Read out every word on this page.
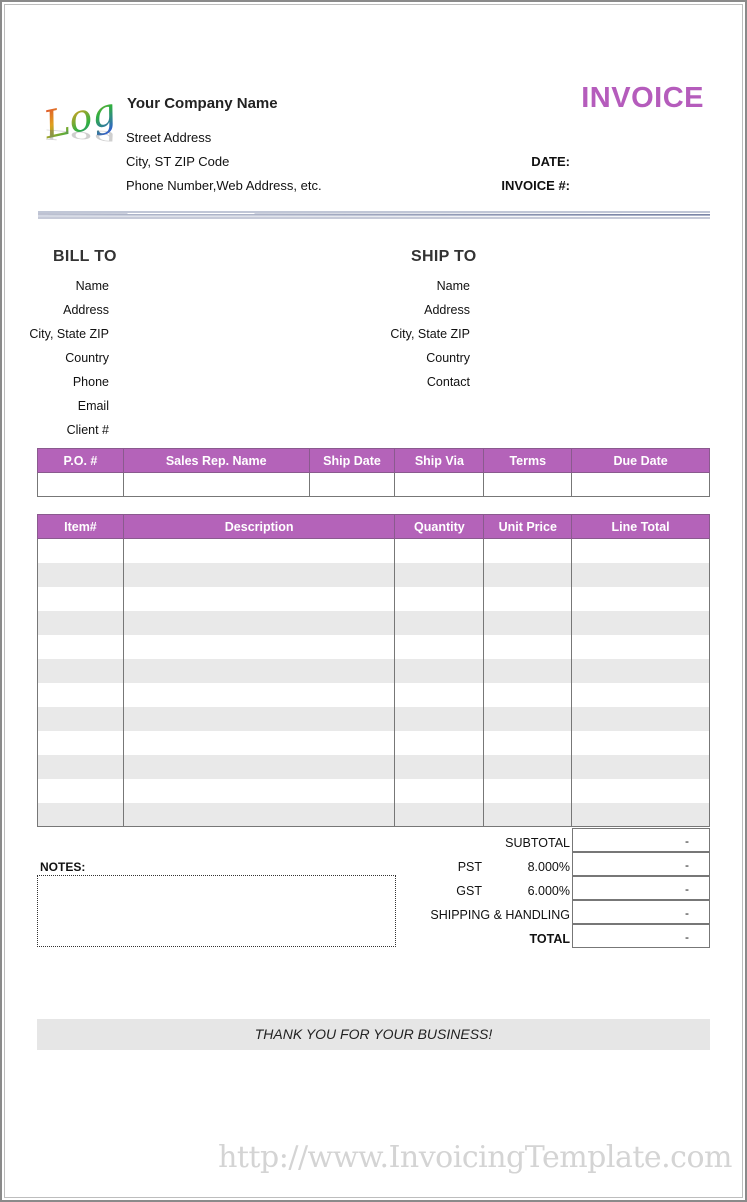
Logo
Logo
Your Company Name
Street Address
City, ST ZIP Code
Phone Number,Web Address, etc.
INVOICE
DATE:
INVOICE #:
BILL TO
Name
Address
City, State ZIP
Country
Phone
Email
Client #
SHIP TO
Name
Address
City, State ZIP
Country
Contact
P.O. #	Sales Rep. Name	Ship Date	Ship Via	Terms	Due Date

Item#	Description	Quantity	Unit Price	Line Total

SUBTOTAL	-
PST	8.000%	-
GST	6.000%	-
SHIPPING & HANDLING	-
TOTAL	-
NOTES:
THANK YOU FOR YOUR BUSINESS!
http://www.InvoicingTemplate.com
